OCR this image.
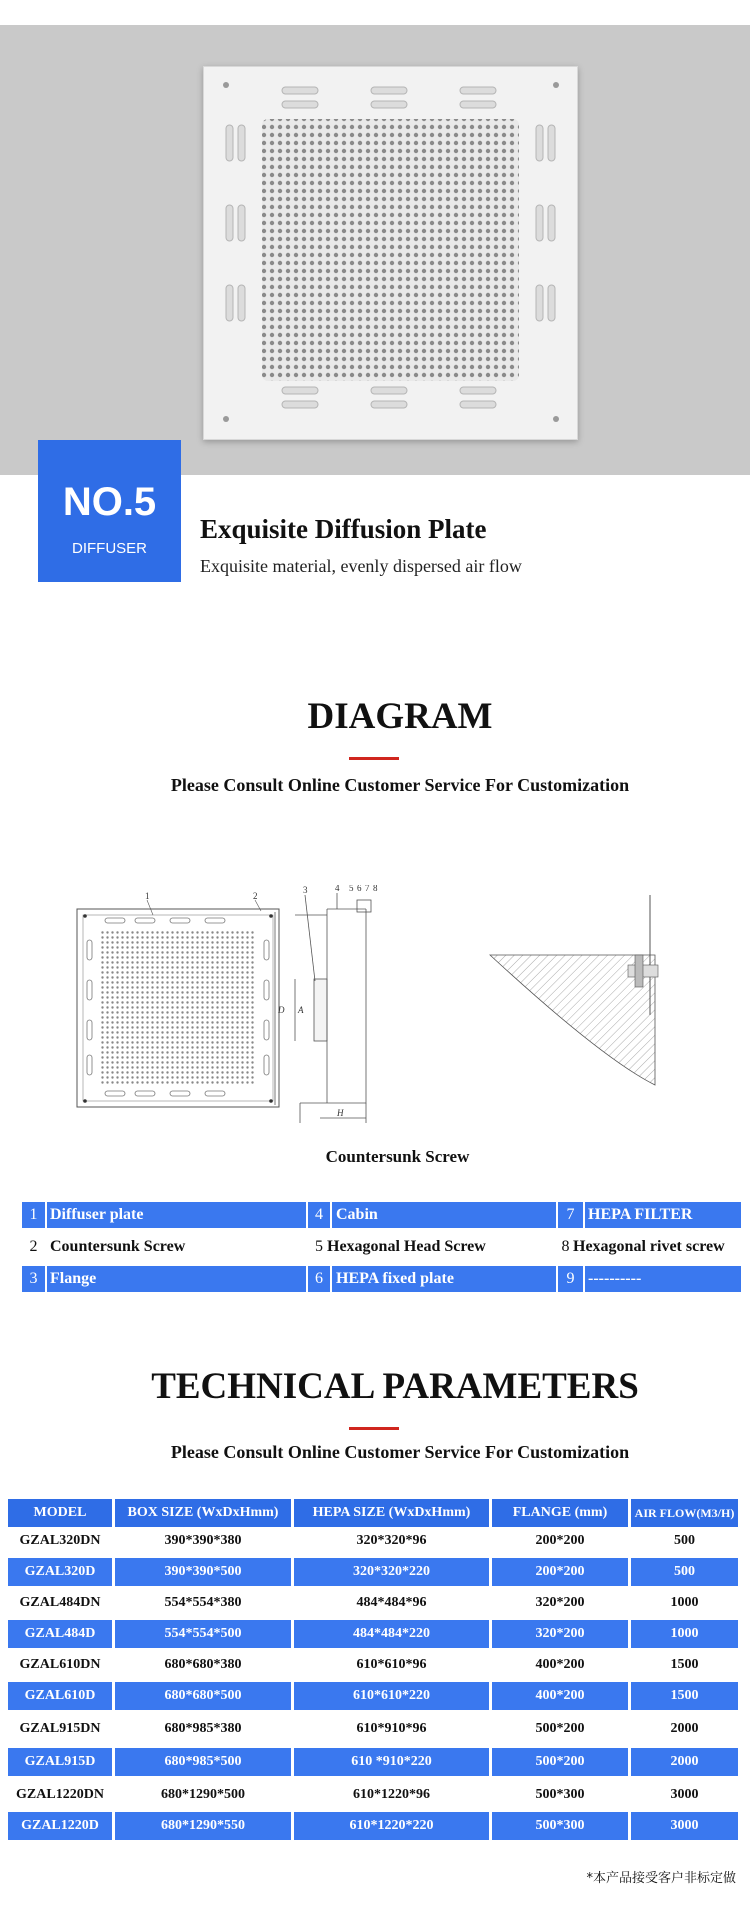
NO.5
DIFFUSER
Exquisite Diffusion Plate
Exquisite material, evenly dispersed air flow
DIAGRAM
Please Consult Online Customer Service For Customization
1	2
D A
H
3	4 5 6 7 8
Countersunk Screw
1 Diffuser plate	4 Cabin	7 HEPA FILTER
2 Countersunk Screw	5 Hexagonal Head Screw	8 Hexagonal rivet screw
3 Flange	6 HEPA fixed plate	9 ----------
TECHNICAL PARAMETERS
Please Consult Online Customer Service For Customization
MODEL	BOX SIZE (WxDxHmm)	HEPA SIZE (WxDxHmm)	FLANGE (mm)	AIR FLOW(M3/H)
GZAL320DN	390*390*380	320*320*96	200*200	500
GZAL320D	390*390*500	320*320*220	200*200	500
GZAL484DN	554*554*380	484*484*96	320*200	1000
GZAL484D	554*554*500	484*484*220	320*200	1000
GZAL610DN	680*680*380	610*610*96	400*200	1500
GZAL610D	680*680*500	610*610*220	400*200	1500
GZAL915DN	680*985*380	610*910*96	500*200	2000
GZAL915D	680*985*500	610 *910*220	500*200	2000
GZAL1220DN	680*1290*500	610*1220*96	500*300	3000
GZAL1220D	680*1290*550	610*1220*220	500*300	3000
*本产品接受客户非标定做
